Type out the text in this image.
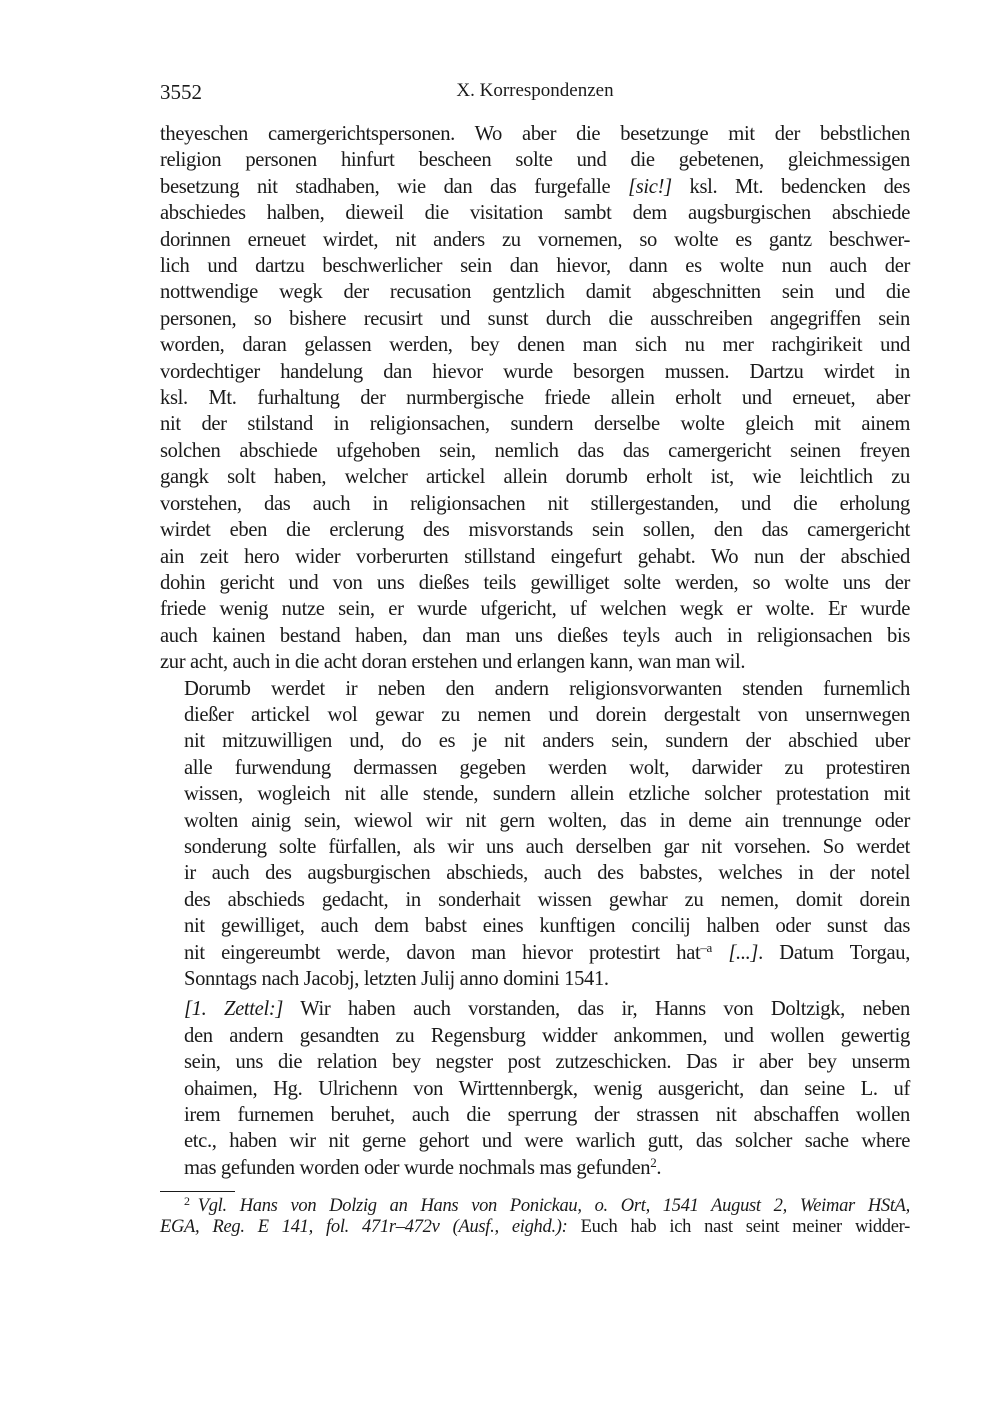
3552	X. Korrespondenzen

theyeschen camergerichtspersonen. Wo aber die besetzunge mit der bebstlichen
religion personen hinfurt bescheen solte und die gebetenen, gleichmessigen
besetzung nit stadhaben, wie dan das furgefalle [sic!] ksl. Mt. bedencken des
abschiedes halben, dieweil die visitation sambt dem augsburgischen abschiede
dorinnen erneuet wirdet, nit anders zu vornemen, so wolte es gantz beschwer-
lich und dartzu beschwerlicher sein dan hievor, dann es wolte nun auch der
nottwendige wegk der recusation gentzlich damit abgeschnitten sein und die
personen, so bishere recusirt und sunst durch die ausschreiben angegriffen sein
worden, daran gelassen werden, bey denen man sich nu mer rachgirikeit und
vordechtiger handelung dan hievor wurde besorgen mussen. Dartzu wirdet in
ksl. Mt. furhaltung der nurmbergische friede allein erholt und erneuet, aber
nit der stilstand in religionsachen, sundern derselbe wolte gleich mit ainem
solchen abschiede ufgehoben sein, nemlich das das camergericht seinen freyen
gangk solt haben, welcher artickel allein dorumb erholt ist, wie leichtlich zu
vorstehen, das auch in religionsachen nit stillergestanden, und die erholung
wirdet eben die erclerung des misvorstands sein sollen, den das camergericht
ain zeit hero wider vorberurten stillstand eingefurt gehabt. Wo nun der abschied
dohin gericht und von uns dießes teils gewilliget solte werden, so wolte uns der
friede wenig nutze sein, er wurde ufgericht, uf welchen wegk er wolte. Er wurde
auch kainen bestand haben, dan man uns dießes teyls auch in religionsachen bis
zur acht, auch in die acht doran erstehen und erlangen kann, wan man wil.

Dorumb werdet ir neben den andern religionsvorwanten stenden furnemlich
dießer artickel wol gewar zu nemen und dorein dergestalt von unsernwegen
nit mitzuwilligen und, do es je nit anders sein, sundern der abschied uber
alle furwendung dermassen gegeben werden wolt, darwider zu protestiren
wissen, wogleich nit alle stende, sundern allein etzliche solcher protestation mit
wolten ainig sein, wiewol wir nit gern wolten, das in deme ain trennunge oder
sonderung solte fürfallen, als wir uns auch derselben gar nit vorsehen. So werdet
ir auch des augsburgischen abschieds, auch des babstes, welches in der notel
des abschieds gedacht, in sonderhait wissen gewhar zu nemen, domit dorein
nit gewilliget, auch dem babst eines kunftigen concilij halben oder sunst das
nit eingereumbt werde, davon man hievor protestirt hat$^{-a}$ [...]. Datum Torgau,
Sonntags nach Jacobj, letzten Julij anno domini 1541.

[1. Zettel:] Wir haben auch vorstanden, das ir, Hanns von Doltzigk, neben
den andern gesandten zu Regensburg widder ankommen, und wollen gewertig
sein, uns die relation bey negster post zutzeschicken. Das ir aber bey unserm
ohaimen, Hg. Ulrichenn von Wirttennbergk, wenig ausgericht, dan seine L. uf
irem furnemen beruhet, auch die sperrung der strassen nit abschaffen wollen
etc., haben wir nit gerne gehort und were warlich gutt, das solcher sache where
mas gefunden worden oder wurde nochmals mas gefunden$^2$.

$^2$ Vgl. Hans von Dolzig an Hans von Ponickau, o. Ort, 1541 August 2, Weimar HStA,
EGA, Reg. E 141, fol. 471r–472v (Ausf., eighd.): Euch hab ich nast seint meiner widder-
